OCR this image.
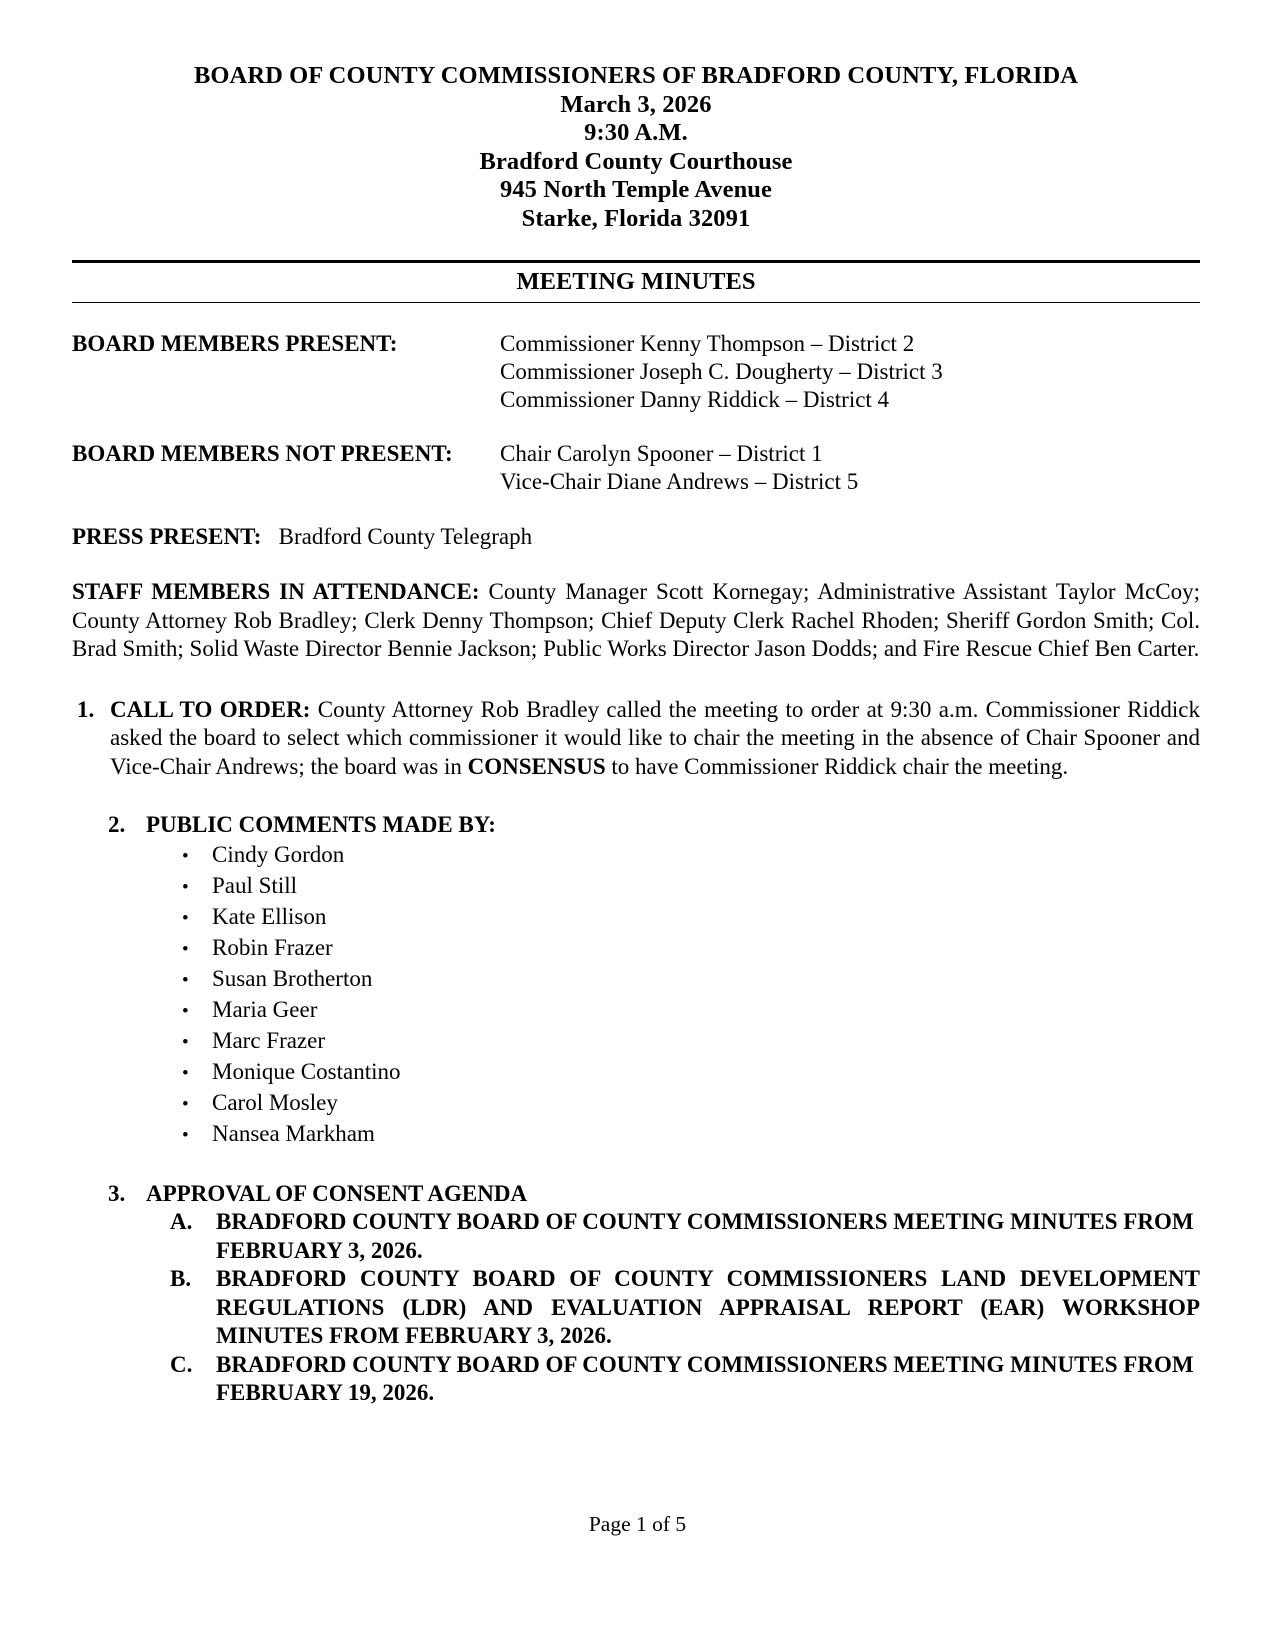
BOARD OF COUNTY COMMISSIONERS OF BRADFORD COUNTY, FLORIDA
March 3, 2026
9:30 A.M.
Bradford County Courthouse
945 North Temple Avenue
Starke, Florida 32091
MEETING MINUTES
BOARD MEMBERS PRESENT:	Commissioner Kenny Thompson – District 2
Commissioner Joseph C. Dougherty – District 3
Commissioner Danny Riddick – District 4
BOARD MEMBERS NOT PRESENT:	Chair Carolyn Spooner – District 1
Vice-Chair Diane Andrews – District 5
PRESS PRESENT: Bradford County Telegraph
STAFF MEMBERS IN ATTENDANCE: County Manager Scott Kornegay; Administrative Assistant Taylor McCoy; County Attorney Rob Bradley; Clerk Denny Thompson; Chief Deputy Clerk Rachel Rhoden; Sheriff Gordon Smith; Col. Brad Smith; Solid Waste Director Bennie Jackson; Public Works Director Jason Dodds; and Fire Rescue Chief Ben Carter.
1. CALL TO ORDER: County Attorney Rob Bradley called the meeting to order at 9:30 a.m. Commissioner Riddick asked the board to select which commissioner it would like to chair the meeting in the absence of Chair Spooner and Vice-Chair Andrews; the board was in CONSENSUS to have Commissioner Riddick chair the meeting.
2. PUBLIC COMMENTS MADE BY:
•	Cindy Gordon
•	Paul Still
•	Kate Ellison
•	Robin Frazer
•	Susan Brotherton
•	Maria Geer
•	Marc Frazer
•	Monique Costantino
•	Carol Mosley
•	Nansea Markham
3. APPROVAL OF CONSENT AGENDA
A.	BRADFORD COUNTY BOARD OF COUNTY COMMISSIONERS MEETING MINUTES FROM FEBRUARY 3, 2026.
B.	BRADFORD COUNTY BOARD OF COUNTY COMMISSIONERS LAND DEVELOPMENT REGULATIONS (LDR) AND EVALUATION APPRAISAL REPORT (EAR) WORKSHOP MINUTES FROM FEBRUARY 3, 2026.
C.	BRADFORD COUNTY BOARD OF COUNTY COMMISSIONERS MEETING MINUTES FROM FEBRUARY 19, 2026.
Page 1 of 5
